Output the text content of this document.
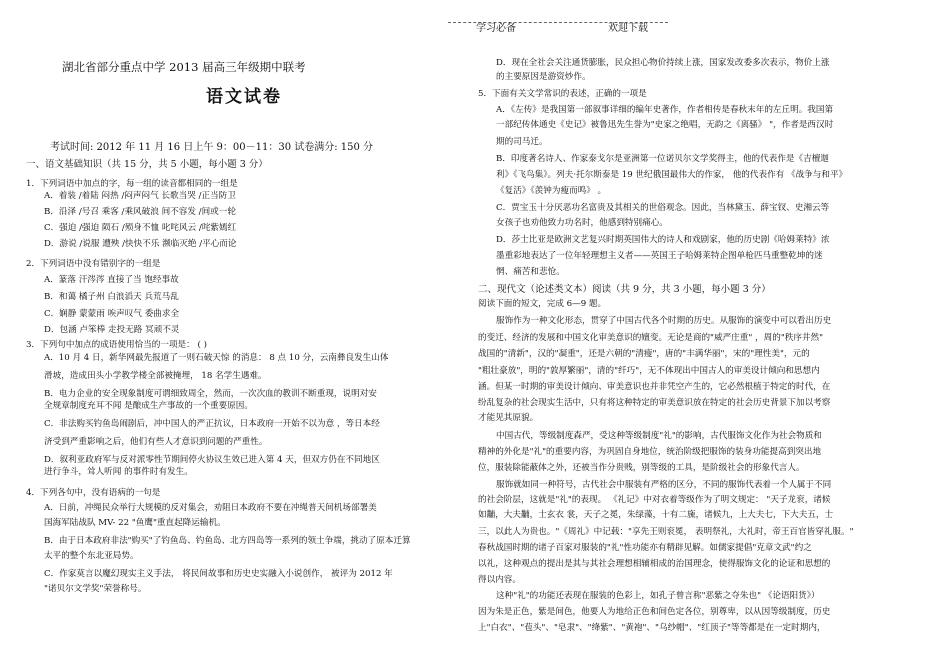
学习必备	欢迎下载
湖北省部分重点中学 2013 届高三年级期中联考
语文试卷
考试时间: 2012 年 11 月 16 日上午 9：00－11：30 试卷满分: 150 分
一、语文基础知识（共 15 分，共 5 小题，每小题 3 分）
1．下列词语中加点的字，每一组的读音都相同的一组是
A．着装 /着陆 闷热 /闷声闷气 长歌当哭 /正当防卫
B．沿泽 /号召 乘客 /乘风破浪 间不容发 /间或一轮
C．强迫 /强迫 陨石 /殒身不恤 叱咤风云 /咤紫嫣红
D．游说 /说服 遭殃 /快快不乐 濒临灭绝 /平心而论
2．下列词语中没有错别字的一组是
A．篆落 汗涔涔 直接了当 饱经事故
B．和蔼 橘子州 白浪滔天 兵荒马乱
C．娴静 蒙蒙雨 唉声叹气 委曲求全
D．包涵 卢笨棒 走投无路 冥顽不灵
3．下列句中加点的成语使用恰当的一项是： ( )
A．10 月 4 日，新华网最先报道了一则石破天惊 的消息： 8 点 10 分，云南彝良发生山体
滑坡，造成田头小学教学楼全部被掩埋， 18 名学生遇难。
B．电力企业的安全现象制度可谓细致周全，然而，一次次血的教训不断重现，说明对安
全规章制度充耳不闻 是酿成生产事故的一个重要原因。
C．非法购买钓鱼岛闹剧后，冲中国人的严正抗议，日本政府一开始不以为意 ，等日本经
济受到严重影响之后，他们有些人才意识到问题的严重性。
D．叙利亚政府军与反对派零性节期间停火协议生效已进入第 4 天，但双方仍在不同地区
进行争斗，耸人听闻 的事件时有发生。
4．下列各句中，没有语病的一句是
A．日前，冲绳民众举行大规模的反对集会，劝阻日本政府不要在冲绳普天间机场部署美
国海军陆战队 MV- 22 "鱼鹰"重直起降运输机。
B．由于日本政府非法"购买"了钓鱼岛、钓鱼岛、北方四岛等一系列的领土争端，挑动了原本迁算
太平的整个东北亚局势。
C．作家莫言以魔幻现实主义手法， 将民间故事和历史史实融入小说创作， 被评为 2012 年
"诺贝尔文学奖"荣誉称号。
D．现在全社会关注通货膨胀，民众担心物价持续上涨，国家发改委多次表示，物价上涨
的主要原因是游资炒作。
5．下面有关文学常识的表述，正确的一项是
A．《左传》是我国第一部叙事详细的编年史著作，作者相传是春秋末年的左丘明。我国第
一部纪传体通史《史记》被鲁迅先生誉为"史家之绝唱，无韵之《离骚》 "，作者是西汉时
期的司马迁。
B．印度著名诗人、作家泰戈尔是亚洲第一位诺贝尔文学奖得主，他的代表作是《吉檀迦
利》《飞鸟集》。列夫·托尔斯泰是 19 世纪俄国最伟大的作家， 他的代表作有 《战争与和平》
《复活》《羡钟为瘦而鸣》 。
C．贾宝玉十分厌恶功名富贵及其相关的世俗观念。因此，当林黛玉、薛宝钗、史湘云等
女孩子也劝他致力功名时，他感到特别痛心。
D．莎士比亚是欧洲文艺复兴时期英国伟大的诗人和戏剧家，他的历史剧《哈姆莱特》浓
墨重彩地表达了一位年轻理想主义者——英国王子哈姆莱特企图单枪匹马重整乾坤的迷
惘、痛苦和悲怆。
二、现代文（论述类文本）阅读（共 9 分，共 3 小题，每小题 3 分）
阅读下面的短文，完成 6—9 题。
服饰作为一种文化形态，贯穿了中国古代各个时期的历史。从服饰的演变中可以看出历史
的变迁、经济的发展和中国文化审美意识的嬗变。无论是商的"威严庄重" ，周的"秩序井然"
战国的"清新"，汉的"凝重"，还是六朝的"清瘦"，唐的"丰满华丽"，宋的"理性美"，元的
"粗壮豪放"，明的"敦厚繁丽"，清的"纤巧"，无不体现出中国古人的审美设计倾向和思想内
涵。但某一时期的审美设计倾向、审美意识也并非凭空产生的，它必然根植于特定的时代，在
纷乱复杂的社会现实生活中，只有将这种特定的审美意识放在特定的社会历史背景下加以考察
才能见其原貌。
中国古代，等级制度森严，受这种等级制度"礼"的影响，古代服饰文化作为社会物质和
精神的外化是"礼"的重要内容，为巩固自身地位，统治阶级把服饰的装身功能提高到突出地
位，服装除能蔽体之外，还被当作分贵贱，别等级的工具，是阶级社会的形象代言人。
服饰就如同一种符号，古代社会中服装有严格的区分，不同的服饰代表着一个人属于不同
的社会阶层，这就是"礼"的表现。 《礼记》中对衣着等级作为了明文规定： "天子龙衮，诸候
如黼，大夫黼，士玄衣 裳，天子之冕，朱绿藻，十有二旒，诸候九，上大夫七，下大夫五，士
三，以此人为贵也。"《周礼》中记载："享先王则衮冕， 表明祭礼，大礼时，帝王百官皆穿礼服。"
春秋战国时期的诸子百家对服装的"礼"性功能亦有精辟见解。如儒家提倡"克章文武"约之
以礼，这种观点的提出是其与其社会理想相辅相成的治国理念，使得服饰文化的论证和思想的
得以内容。
这种"礼"的功能还表现在服装的色彩上，如孔子曾言称"恶紫之夺朱也" 《论语阳货》）
因为朱是正色，紫是间色，他要人为地给正色和间色定各位，别尊卑，以从因等级制度，历史
上"白衣"、"苞头"、"皂隶"、"绛紫"、"黄袍"、"乌纱帽"、"红顶子"等等都是在一定时期内，
